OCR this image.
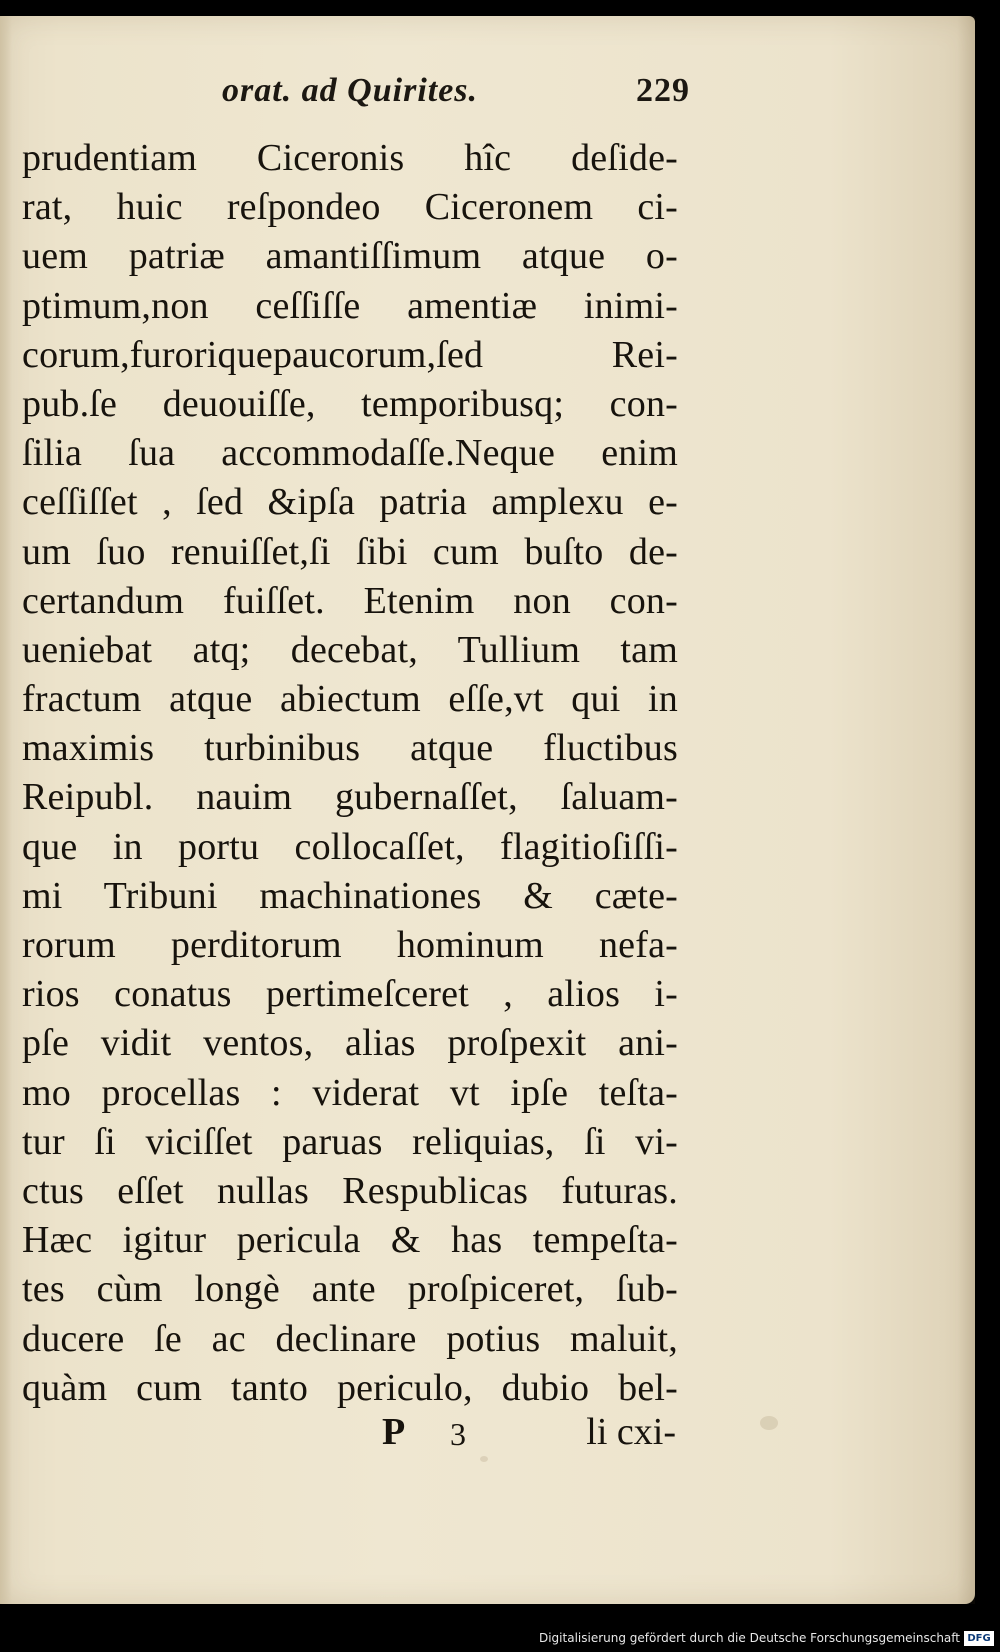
orat. ad Quirites.	229
prudentiam Ciceronis hîc deſide-
rat, huic reſpondeo Ciceronem ci-
uem patriæ amantiſſimum atque o-
ptimum,non ceſſiſſe amentiæ inimi-
corum,furoriquepaucorum,ſed Rei-
pub.ſe deuouiſſe, temporibusq; con-
ſilia ſua accommodaſſe.Neque enim
ceſſiſſet , ſed &ipſa patria amplexu e-
um ſuo renuiſſet,ſi ſibi cum buſto de-
certandum fuiſſet. Etenim non con-
ueniebat atq; decebat, Tullium tam
fractum atque abiectum eſſe,vt qui in
maximis turbinibus atque fluctibus
Reipubl. nauim gubernaſſet, ſaluam-
que in portu collocaſſet, flagitioſiſſi-
mi Tribuni machinationes & cæte-
rorum perditorum hominum nefa-
rios conatus pertimeſceret , alios i-
pſe vidit ventos, alias proſpexit ani-
mo procellas : viderat vt ipſe teſta-
tur ſi viciſſet paruas reliquias, ſi vi-
ctus eſſet nullas Respublicas futuras.
Hæc igitur pericula & has tempeſta-
tes cùm longè ante proſpiceret, ſub-
ducere ſe ac declinare potius maluit,
quàm cum tanto periculo, dubio bel-
P 3	li cxi-
Digitalisierung gefördert durch die Deutsche Forschungsgemeinschaft DFG
